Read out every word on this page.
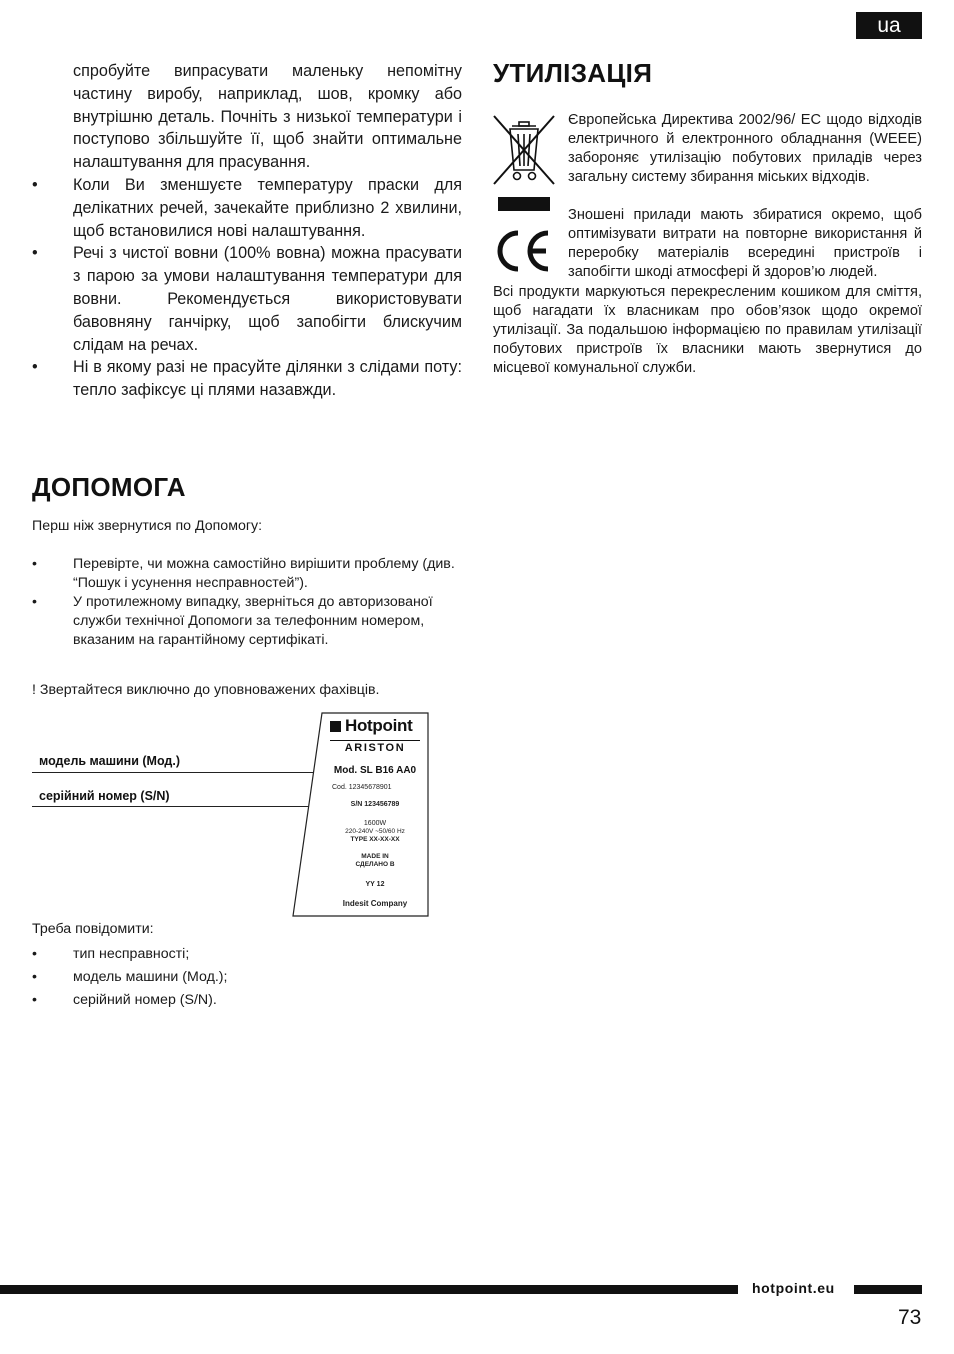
ua

спробуйте випрасувати маленьку непомітну частину виробу, наприклад, шов, кромку або внутрішню деталь. Почніть з низької температури і поступово збільшуйте її, щоб знайти оптимальне налаштування для прасування.

• Коли Ви зменшуєте температуру праски для делікатних речей, зачекайте приблизно 2 хвилини, щоб встановилися нові налаштування.
• Речі з чистої вовни (100% вовна) можна прасувати з парою за умови налаштування температури для вовни. Рекомендується використовувати бавовняну ганчірку, щоб запобігти блискучим слідам на речах.
• Ні в якому разі не прасуйте ділянки з слідами поту: тепло зафіксує ці плями назавжди.
ДОПОМОГА

Перш ніж звернутися по Допомогу:

• Перевірте, чи можна самостійно вирішити проблему (див. “Пошук і усунення несправностей”).
• У протилежному випадку, зверніться до авторизованої служби технічної Допомоги за телефонним номером, вказаним на гарантійному сертифікаті.

! Звертайтеся виключно до уповноважених фахівців.

модель машини (Мод.)
серійний номер (S/N)
Hotpoint
ARISTON
Mod. SL B16 AA0
Cod. 12345678901
S/N 123456789
1600W
220-240V ~50/60 Hz
TYPE XX-XX-XX
MADE IN
СДЕЛАНО В
YY 12
Indesit Company

Треба повідомити:

• тип несправності;
• модель машини (Мод.);
• серійний номер (S/N).
УТИЛІЗАЦІЯ

Європейська Директива 2002/96/ ЕС щодо відходів електричного й електронного обладнання (WEEE) забороняє утилізацію побутових приладів через загальну систему збирання міських відходів.

Зношені прилади мають збиратися окремо, щоб оптимізувати витрати на повторне використання й переробку матеріалів всередині пристроїв і запобігти шкоді атмосфері й здоров’ю людей.

Всі продукти маркуються перекресленим кошиком для сміття, щоб нагадати їх власникам про обов’язок щодо окремої утилізації. За подальшою інформацією по правилам утилізації побутових пристроїв їх власники мають звернутися до місцевої комунальної служби.

hotpoint.eu
73
